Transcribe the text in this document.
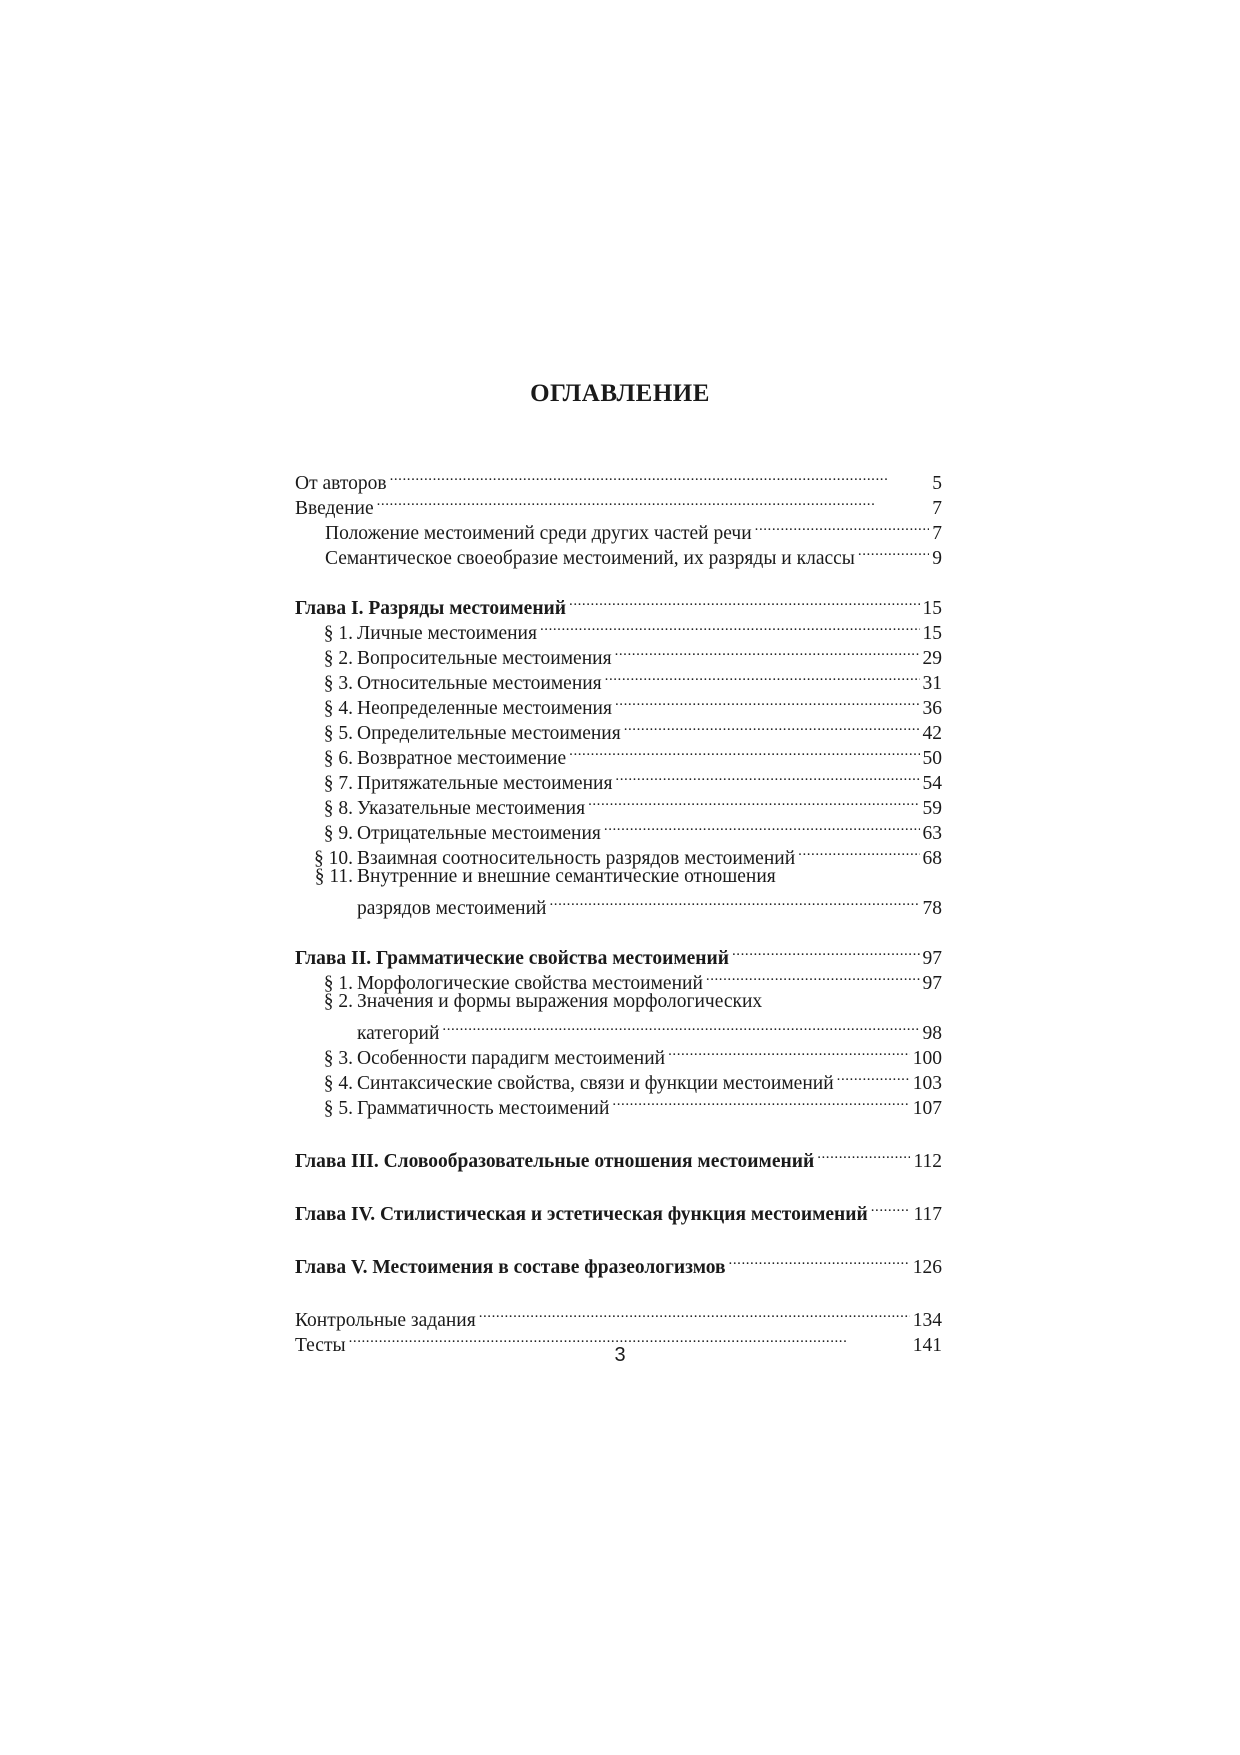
ОГЛАВЛЕНИЕ
От авторов . . .	5
Введение . . .	7
Положение местоимений среди других частей речи . . .	7
Семантическое своеобразие местоимений, их разряды и классы . . .	9
Глава I. Разряды местоимений . . .	15
§ 1. Личные местоимения . . .	15
§ 2. Вопросительные местоимения . . .	29
§ 3. Относительные местоимения . . .	31
§ 4. Неопределенные местоимения . . .	36
§ 5. Определительные местоимения . . .	42
§ 6. Возвратное местоимение . . .	50
§ 7. Притяжательные местоимения . . .	54
§ 8. Указательные местоимения . . .	59
§ 9. Отрицательные местоимения . . .	63
§ 10. Взаимная соотносительность разрядов местоимений . . .	68
§ 11. Внутренние и внешние семантические отношения
разрядов местоимений . . .	78
Глава II. Грамматические свойства местоимений . . .	97
§ 1. Морфологические свойства местоимений . . .	97
§ 2. Значения и формы выражения морфологических
категорий . . .	98
§ 3. Особенности парадигм местоимений . . .	100
§ 4. Синтаксические свойства, связи и функции местоимений . . .	103
§ 5. Грамматичность местоимений . . .	107
Глава III. Словообразовательные отношения местоимений . . .	112
Глава IV. Стилистическая и эстетическая функция местоимений . . . 117
Глава V. Местоимения в составе фразеологизмов . . .	126
Контрольные задания . . .	134
Тесты . . .	141

3
